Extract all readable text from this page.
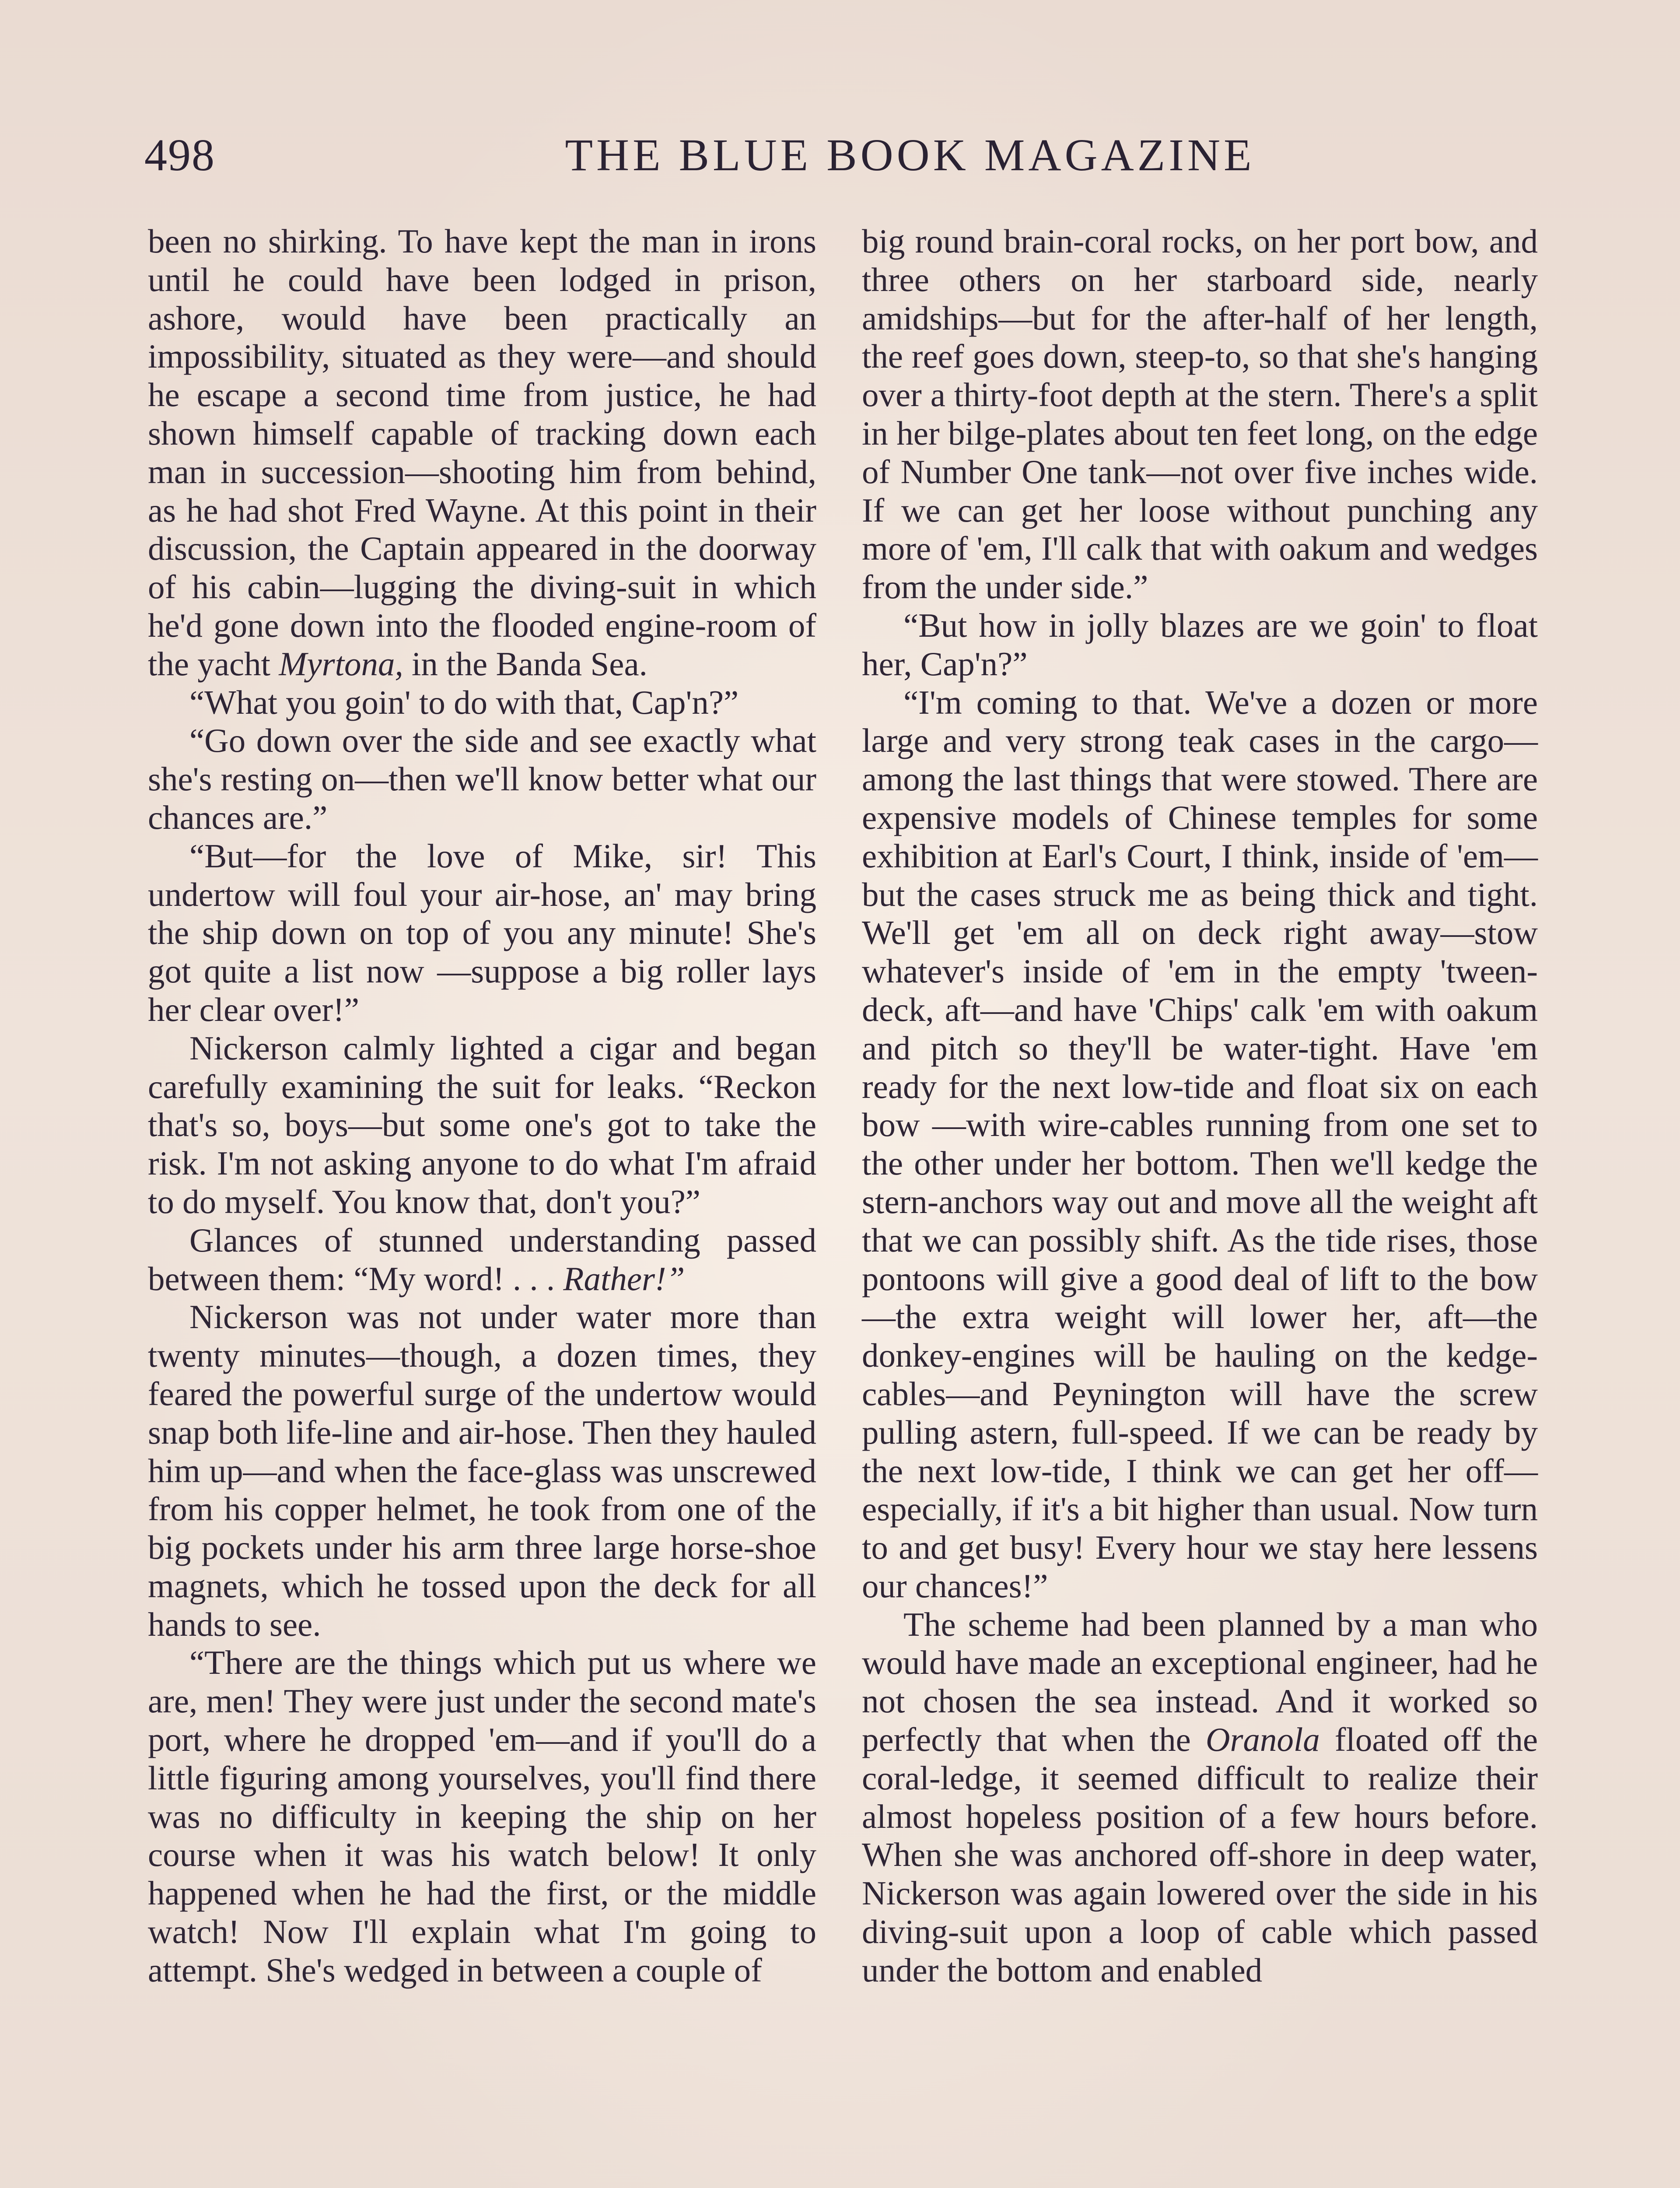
498	THE BLUE BOOK MAGAZINE

been no shirking. To have kept the man in irons until he could have been lodged in prison, ashore, would have been practically an impossibility, situated as they were—and should he escape a second time from justice, he had shown himself capable of tracking down each man in succession—shooting him from behind, as he had shot Fred Wayne. At this point in their discussion, the Captain appeared in the doorway of his cabin—lugging the diving-suit in which he'd gone down into the flooded engine-room of the yacht Myrtona, in the Banda Sea.

“What you goin' to do with that, Cap'n?”

“Go down over the side and see exactly what she's resting on—then we'll know better what our chances are.”

“But—for the love of Mike, sir! This undertow will foul your air-hose, an' may bring the ship down on top of you any minute! She's got quite a list now —suppose a big roller lays her clear over!”

Nickerson calmly lighted a cigar and began carefully examining the suit for leaks. “Reckon that's so, boys—but some one's got to take the risk. I'm not asking anyone to do what I'm afraid to do myself. You know that, don't you?”

Glances of stunned understanding passed between them: “My word! . . . Rather!”

Nickerson was not under water more than twenty minutes—though, a dozen times, they feared the powerful surge of the undertow would snap both life-line and air-hose. Then they hauled him up—and when the face-glass was unscrewed from his copper helmet, he took from one of the big pockets under his arm three large horse-shoe magnets, which he tossed upon the deck for all hands to see.

“There are the things which put us where we are, men! They were just under the second mate's port, where he dropped 'em—and if you'll do a little figuring among yourselves, you'll find there was no difficulty in keeping the ship on her course when it was his watch below! It only happened when he had the first, or the middle watch! Now I'll explain what I'm going to attempt. She's wedged in between a couple of

big round brain-coral rocks, on her port bow, and three others on her starboard side, nearly amidships—but for the after-half of her length, the reef goes down, steep-to, so that she's hanging over a thirty-foot depth at the stern. There's a split in her bilge-plates about ten feet long, on the edge of Number One tank—not over five inches wide. If we can get her loose without punching any more of 'em, I'll calk that with oakum and wedges from the under side.”

“But how in jolly blazes are we goin' to float her, Cap'n?”

“I'm coming to that. We've a dozen or more large and very strong teak cases in the cargo—among the last things that were stowed. There are expensive models of Chinese temples for some exhibition at Earl's Court, I think, inside of 'em—but the cases struck me as being thick and tight. We'll get 'em all on deck right away—stow whatever's inside of 'em in the empty 'tween-deck, aft—and have 'Chips' calk 'em with oakum and pitch so they'll be water-tight. Have 'em ready for the next low-tide and float six on each bow —with wire-cables running from one set to the other under her bottom. Then we'll kedge the stern-anchors way out and move all the weight aft that we can possibly shift. As the tide rises, those pontoons will give a good deal of lift to the bow—the extra weight will lower her, aft—the donkey-engines will be hauling on the kedge-cables—and Peynington will have the screw pulling astern, full-speed. If we can be ready by the next low-tide, I think we can get her off—especially, if it's a bit higher than usual. Now turn to and get busy! Every hour we stay here lessens our chances!”

The scheme had been planned by a man who would have made an exceptional engineer, had he not chosen the sea instead. And it worked so perfectly that when the Oranola floated off the coral-ledge, it seemed difficult to realize their almost hopeless position of a few hours before. When she was anchored off-shore in deep water, Nickerson was again lowered over the side in his diving-suit upon a loop of cable which passed under the bottom and enabled
